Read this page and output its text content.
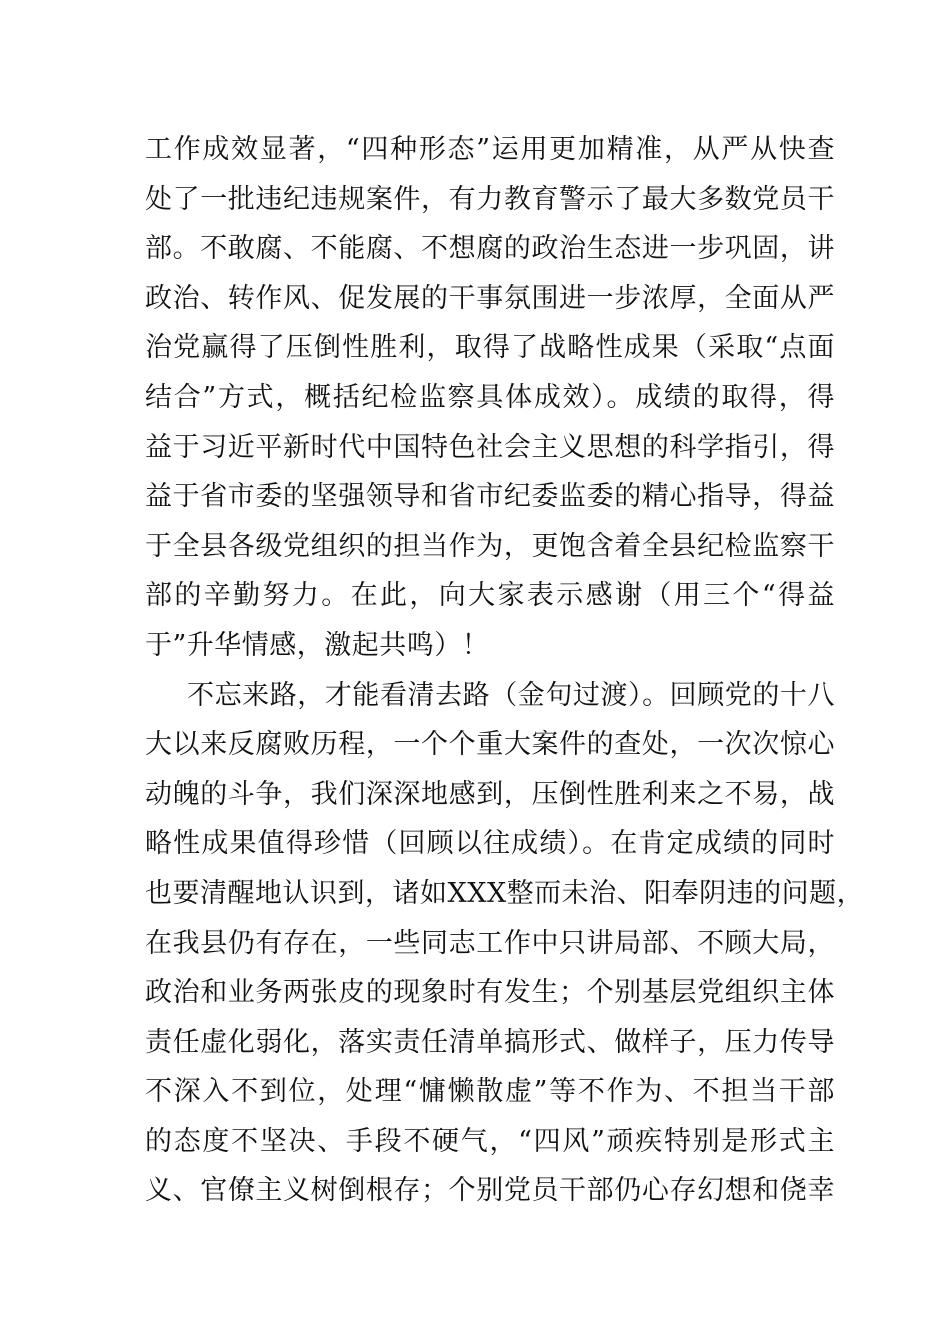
工作成效显著，“四种形态”运用更加精准，从严从快查
处了一批违纪违规案件，有力教育警示了最大多数党员干
部。不敢腐、不能腐、不想腐的政治生态进一步巩固，讲
政治、转作风、促发展的干事氛围进一步浓厚，全面从严
治党赢得了压倒性胜利，取得了战略性成果（采取“点面
结合”方式，概括纪检监察具体成效）。成绩的取得，得
益于习近平新时代中国特色社会主义思想的科学指引，得
益于省市委的坚强领导和省市纪委监委的精心指导，得益
于全县各级党组织的担当作为，更饱含着全县纪检监察干
部的辛勤努力。在此，向大家表示感谢（用三个“得益
于”升华情感，激起共鸣）！
不忘来路，才能看清去路（金句过渡）。回顾党的十八
大以来反腐败历程，一个个重大案件的查处，一次次惊心
动魄的斗争，我们深深地感到，压倒性胜利来之不易，战
略性成果值得珍惜（回顾以往成绩）。在肯定成绩的同时
也要清醒地认识到，诸如XXX整而未治、阳奉阴违的问题，
在我县仍有存在，一些同志工作中只讲局部、不顾大局，
政治和业务两张皮的现象时有发生；个别基层党组织主体
责任虚化弱化，落实责任清单搞形式、做样子，压力传导
不深入不到位，处理“慵懒散虚”等不作为、不担当干部
的态度不坚决、手段不硬气，“四风”顽疾特别是形式主
义、官僚主义树倒根存；个别党员干部仍心存幻想和侥幸
